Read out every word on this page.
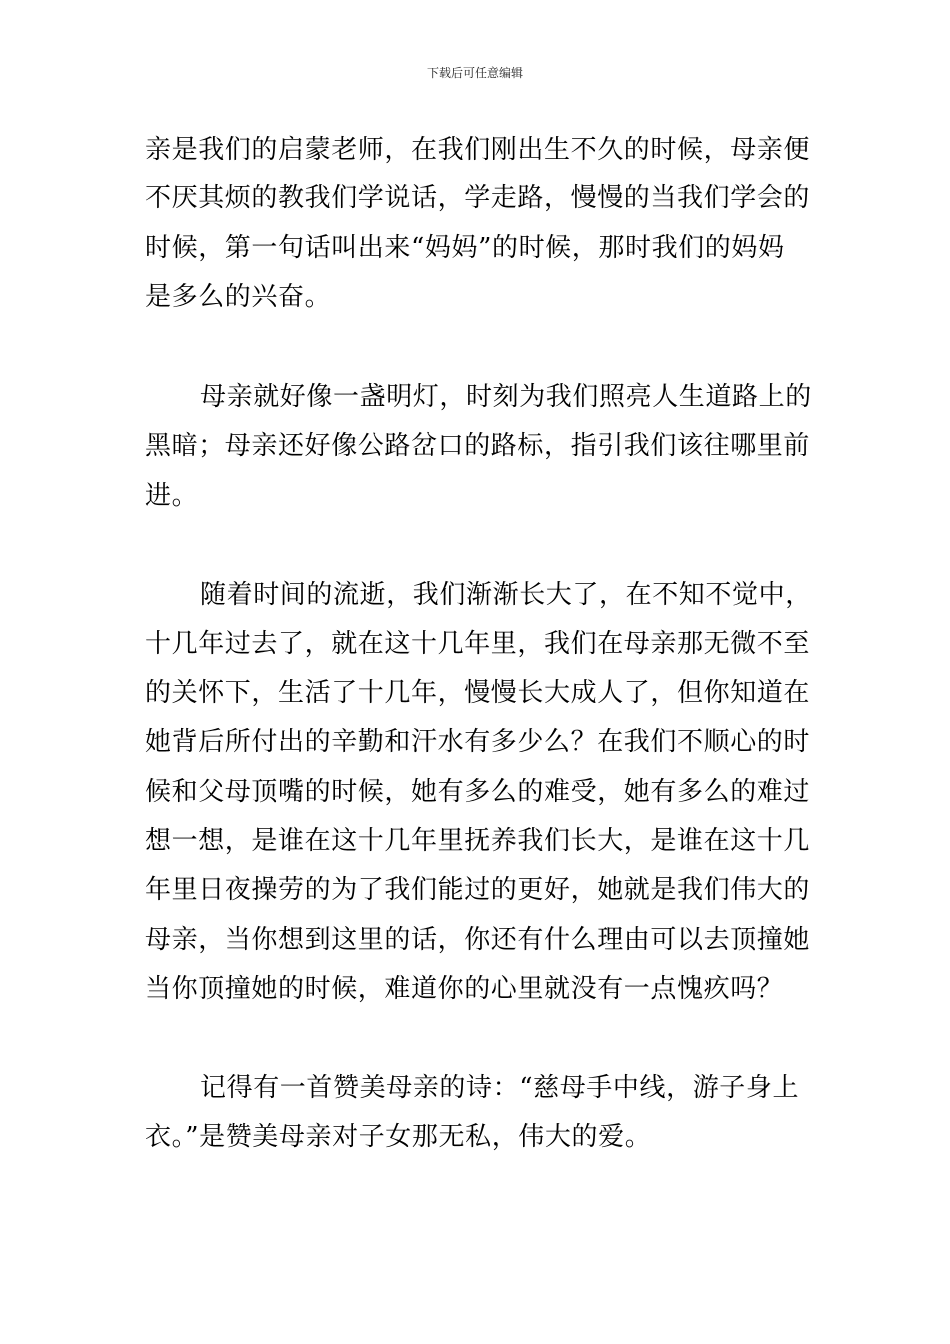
下载后可任意编辑
亲是我们的启蒙老师，在我们刚出生不久的时候，母亲便
不厌其烦的教我们学说话，学走路，慢慢的当我们学会的
时候，第一句话叫出来“妈妈”的时候，那时我们的妈妈
是多么的兴奋。
母亲就好像一盏明灯，时刻为我们照亮人生道路上的
黑暗；母亲还好像公路岔口的路标，指引我们该往哪里前
进。
随着时间的流逝，我们渐渐长大了，在不知不觉中，
十几年过去了，就在这十几年里，我们在母亲那无微不至
的关怀下，生活了十几年，慢慢长大成人了，但你知道在
她背后所付出的辛勤和汗水有多少么？在我们不顺心的时
候和父母顶嘴的时候，她有多么的难受，她有多么的难过
想一想，是谁在这十几年里抚养我们长大，是谁在这十几
年里日夜操劳的为了我们能过的更好，她就是我们伟大的
母亲，当你想到这里的话，你还有什么理由可以去顶撞她
当你顶撞她的时候，难道你的心里就没有一点愧疚吗？
记得有一首赞美母亲的诗：“慈母手中线，游子身上
衣。”是赞美母亲对子女那无私，伟大的爱。
